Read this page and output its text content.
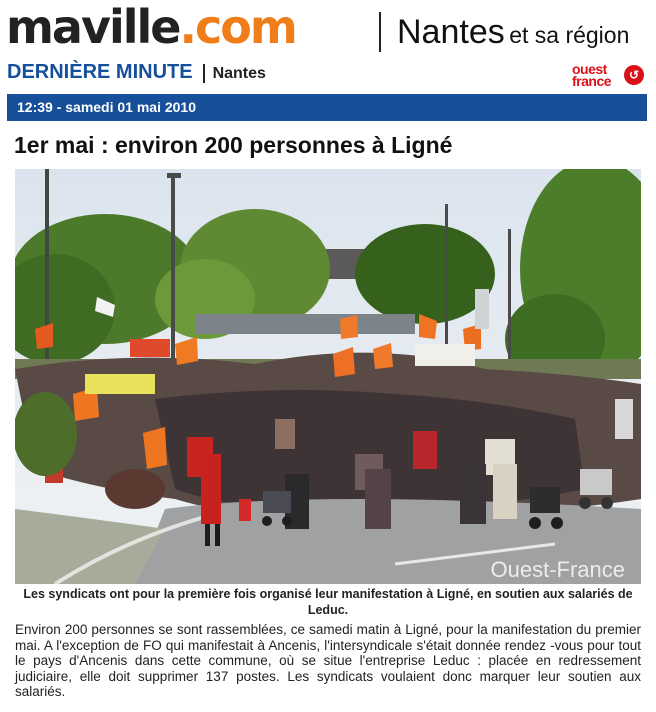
maville.com	Nantes et sa région
DERNIÈRE MINUTE Nantes	ouest
france	↺
12:39 - samedi 01 mai 2010
1er mai : environ 200 personnes à Ligné
Ouest-France
Les syndicats ont pour la première fois organisé leur manifestation à Ligné, en soutien aux salariés de Leduc.
Environ 200 personnes se sont rassemblées, ce samedi matin à Ligné, pour la manifestation du premier mai. A l'exception de FO qui manifestait à Ancenis, l'intersyndicale s'était donnée rendez -vous pour tout le pays d'Ancenis dans cette commune, où se situe l'entreprise Leduc : placée en redressement judiciaire, elle doit supprimer 137 postes. Les syndicats voulaient donc marquer leur soutien aux salariés.
